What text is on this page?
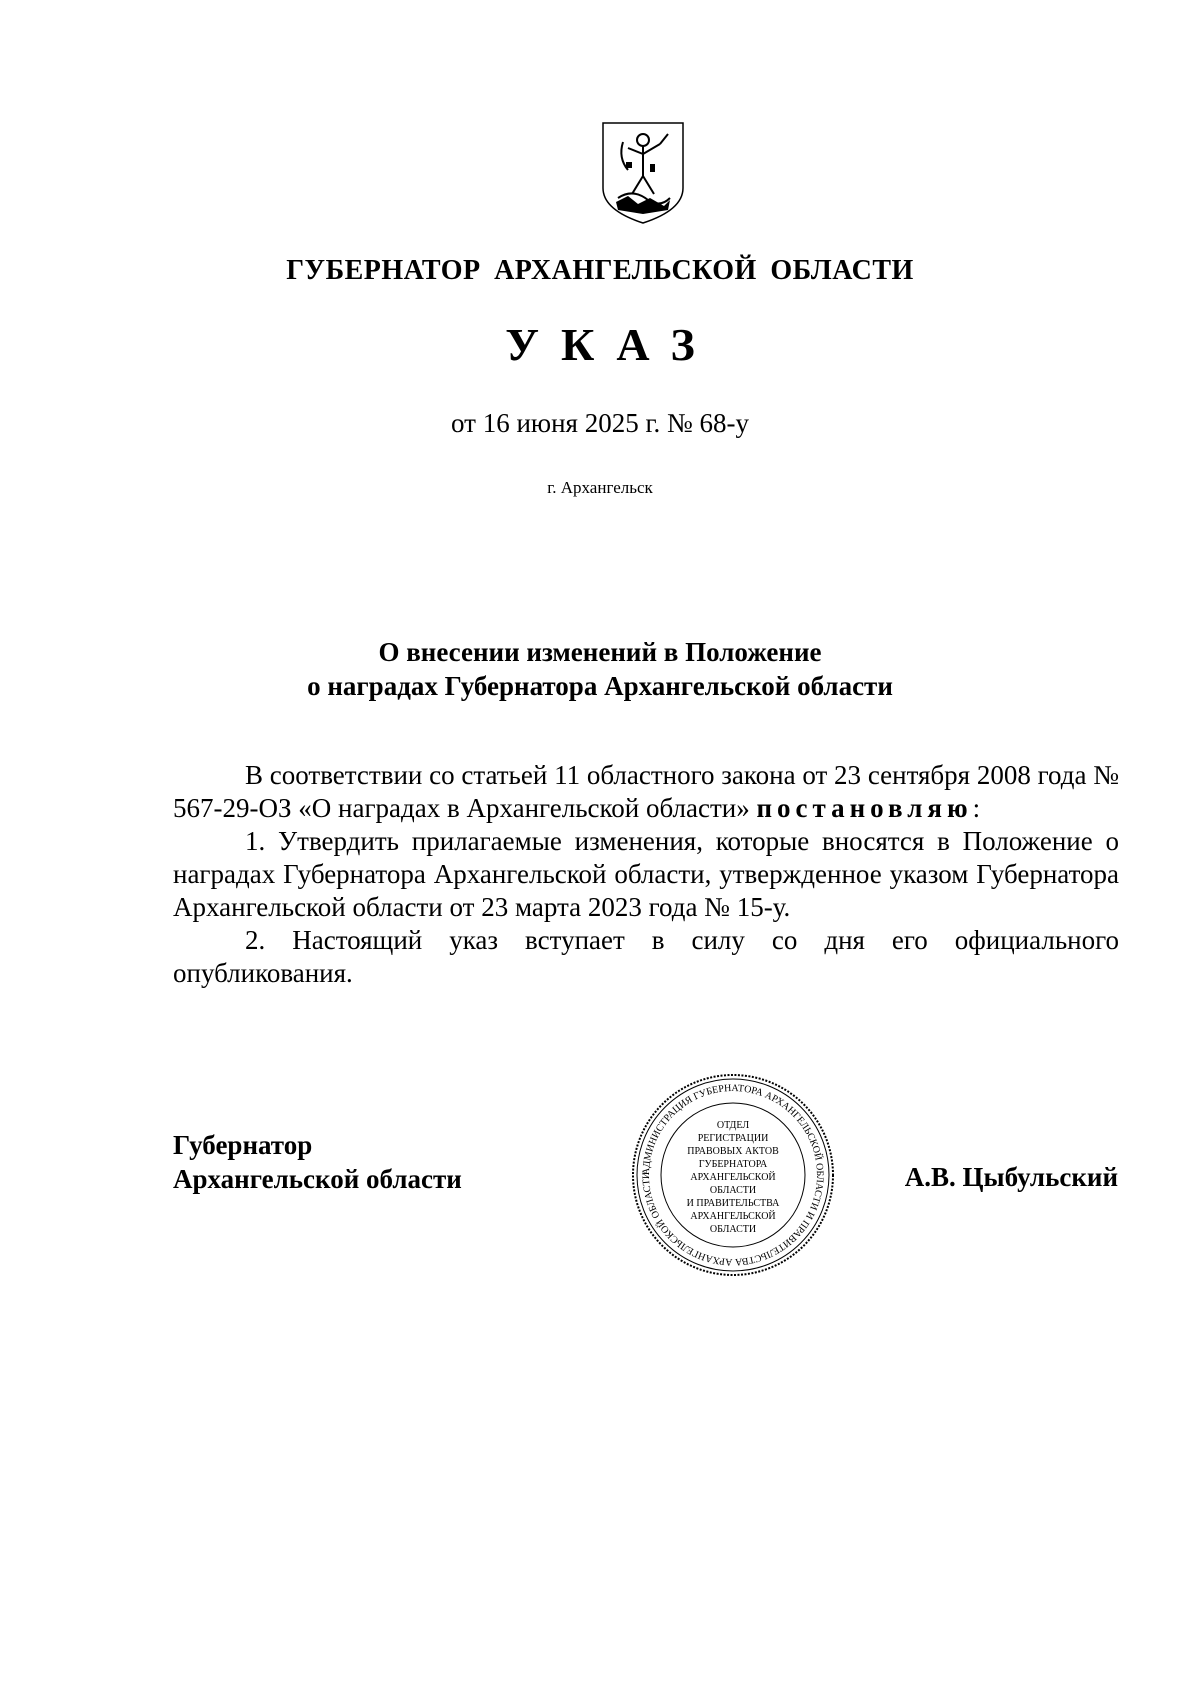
ГУБЕРНАТОР АРХАНГЕЛЬСКОЙ ОБЛАСТИ
УКАЗ
от 16 июня 2025 г. № 68-у
г. Архангельск
О внесении изменений в Положение
о наградах Губернатора Архангельской области

В соответствии со статьей 11 областного закона от 23 сентября 2008 года № 567-29-ОЗ «О наградах в Архангельской области» постановляю:

1. Утвердить прилагаемые изменения, которые вносятся в Положение о наградах Губернатора Архангельской области, утвержденное указом Губернатора Архангельской области от 23 марта 2023 года № 15-у.

2. Настоящий указ вступает в силу со дня его официального опубликования.

Губернатор
Архангельской области	АДМИНИСТРАЦИЯ ГУБЕРНАТОРА АРХАНГЕЛЬСКОЙ ОБЛАСТИ И ПРАВИТЕЛЬСТВА АРХАНГЕЛЬСКОЙ ОБЛАСТИ
ОТДЕЛ
РЕГИСТРАЦИИ
ПРАВОВЫХ АКТОВ
ГУБЕРНАТОРА
АРХАНГЕЛЬСКОЙ
ОБЛАСТИ
И ПРАВИТЕЛЬСТВА
АРХАНГЕЛЬСКОЙ
ОБЛАСТИ
А.В. Цыбульский
